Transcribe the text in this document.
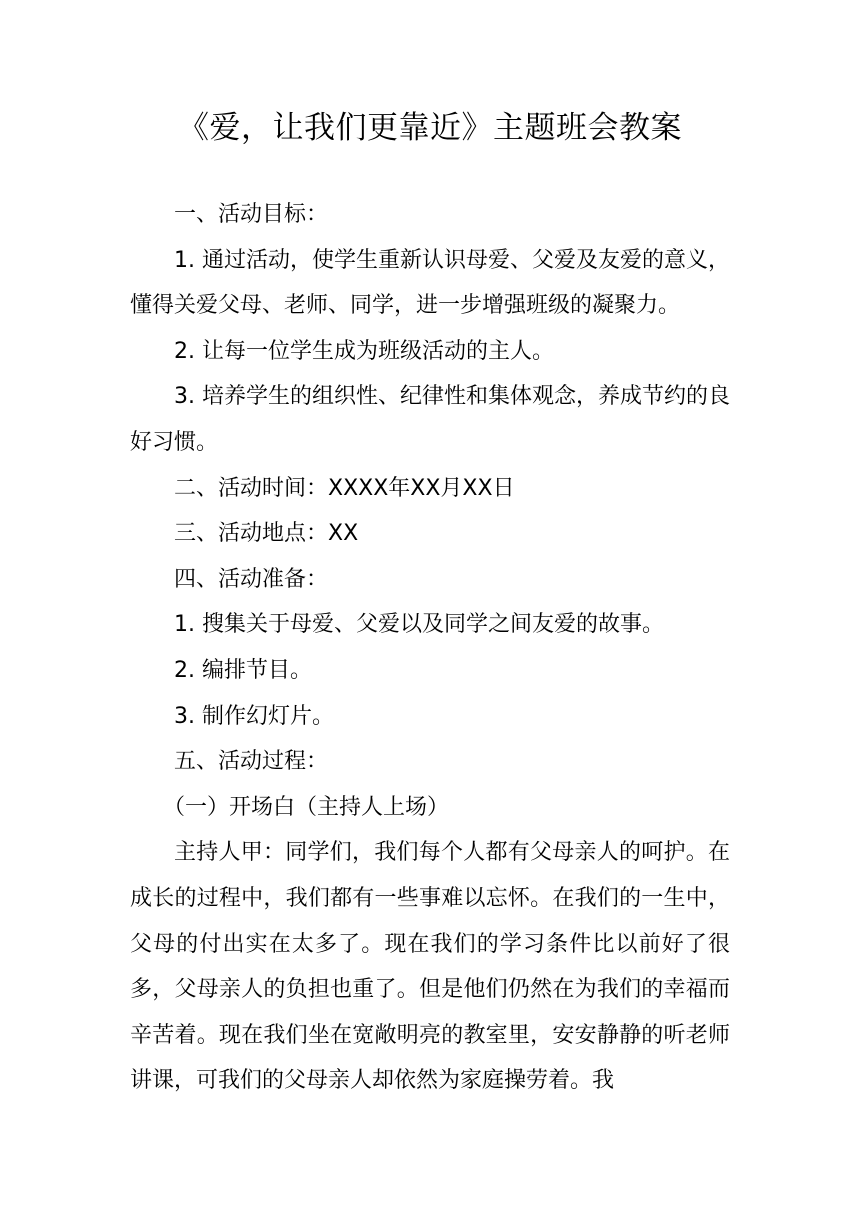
《爱，让我们更靠近》主题班会教案

一、活动目标：

1. 通过活动，使学生重新认识母爱、父爱及友爱的意义，懂得关爱父母、老师、同学，进一步增强班级的凝聚力。

2. 让每一位学生成为班级活动的主人。

3. 培养学生的组织性、纪律性和集体观念，养成节约的良好习惯。

二、活动时间：XXXX年XX月XX日

三、活动地点：XX

四、活动准备：

1. 搜集关于母爱、父爱以及同学之间友爱的故事。

2. 编排节目。

3. 制作幻灯片。

五、活动过程：

（一）开场白（主持人上场）

主持人甲：同学们，我们每个人都有父母亲人的呵护。在成长的过程中，我们都有一些事难以忘怀。在我们的一生中，父母的付出实在太多了。现在我们的学习条件比以前好了很多，父母亲人的负担也重了。但是他们仍然在为我们的幸福而辛苦着。现在我们坐在宽敞明亮的教室里，安安静静的听老师讲课，可我们的父母亲人却依然为家庭操劳着。我
